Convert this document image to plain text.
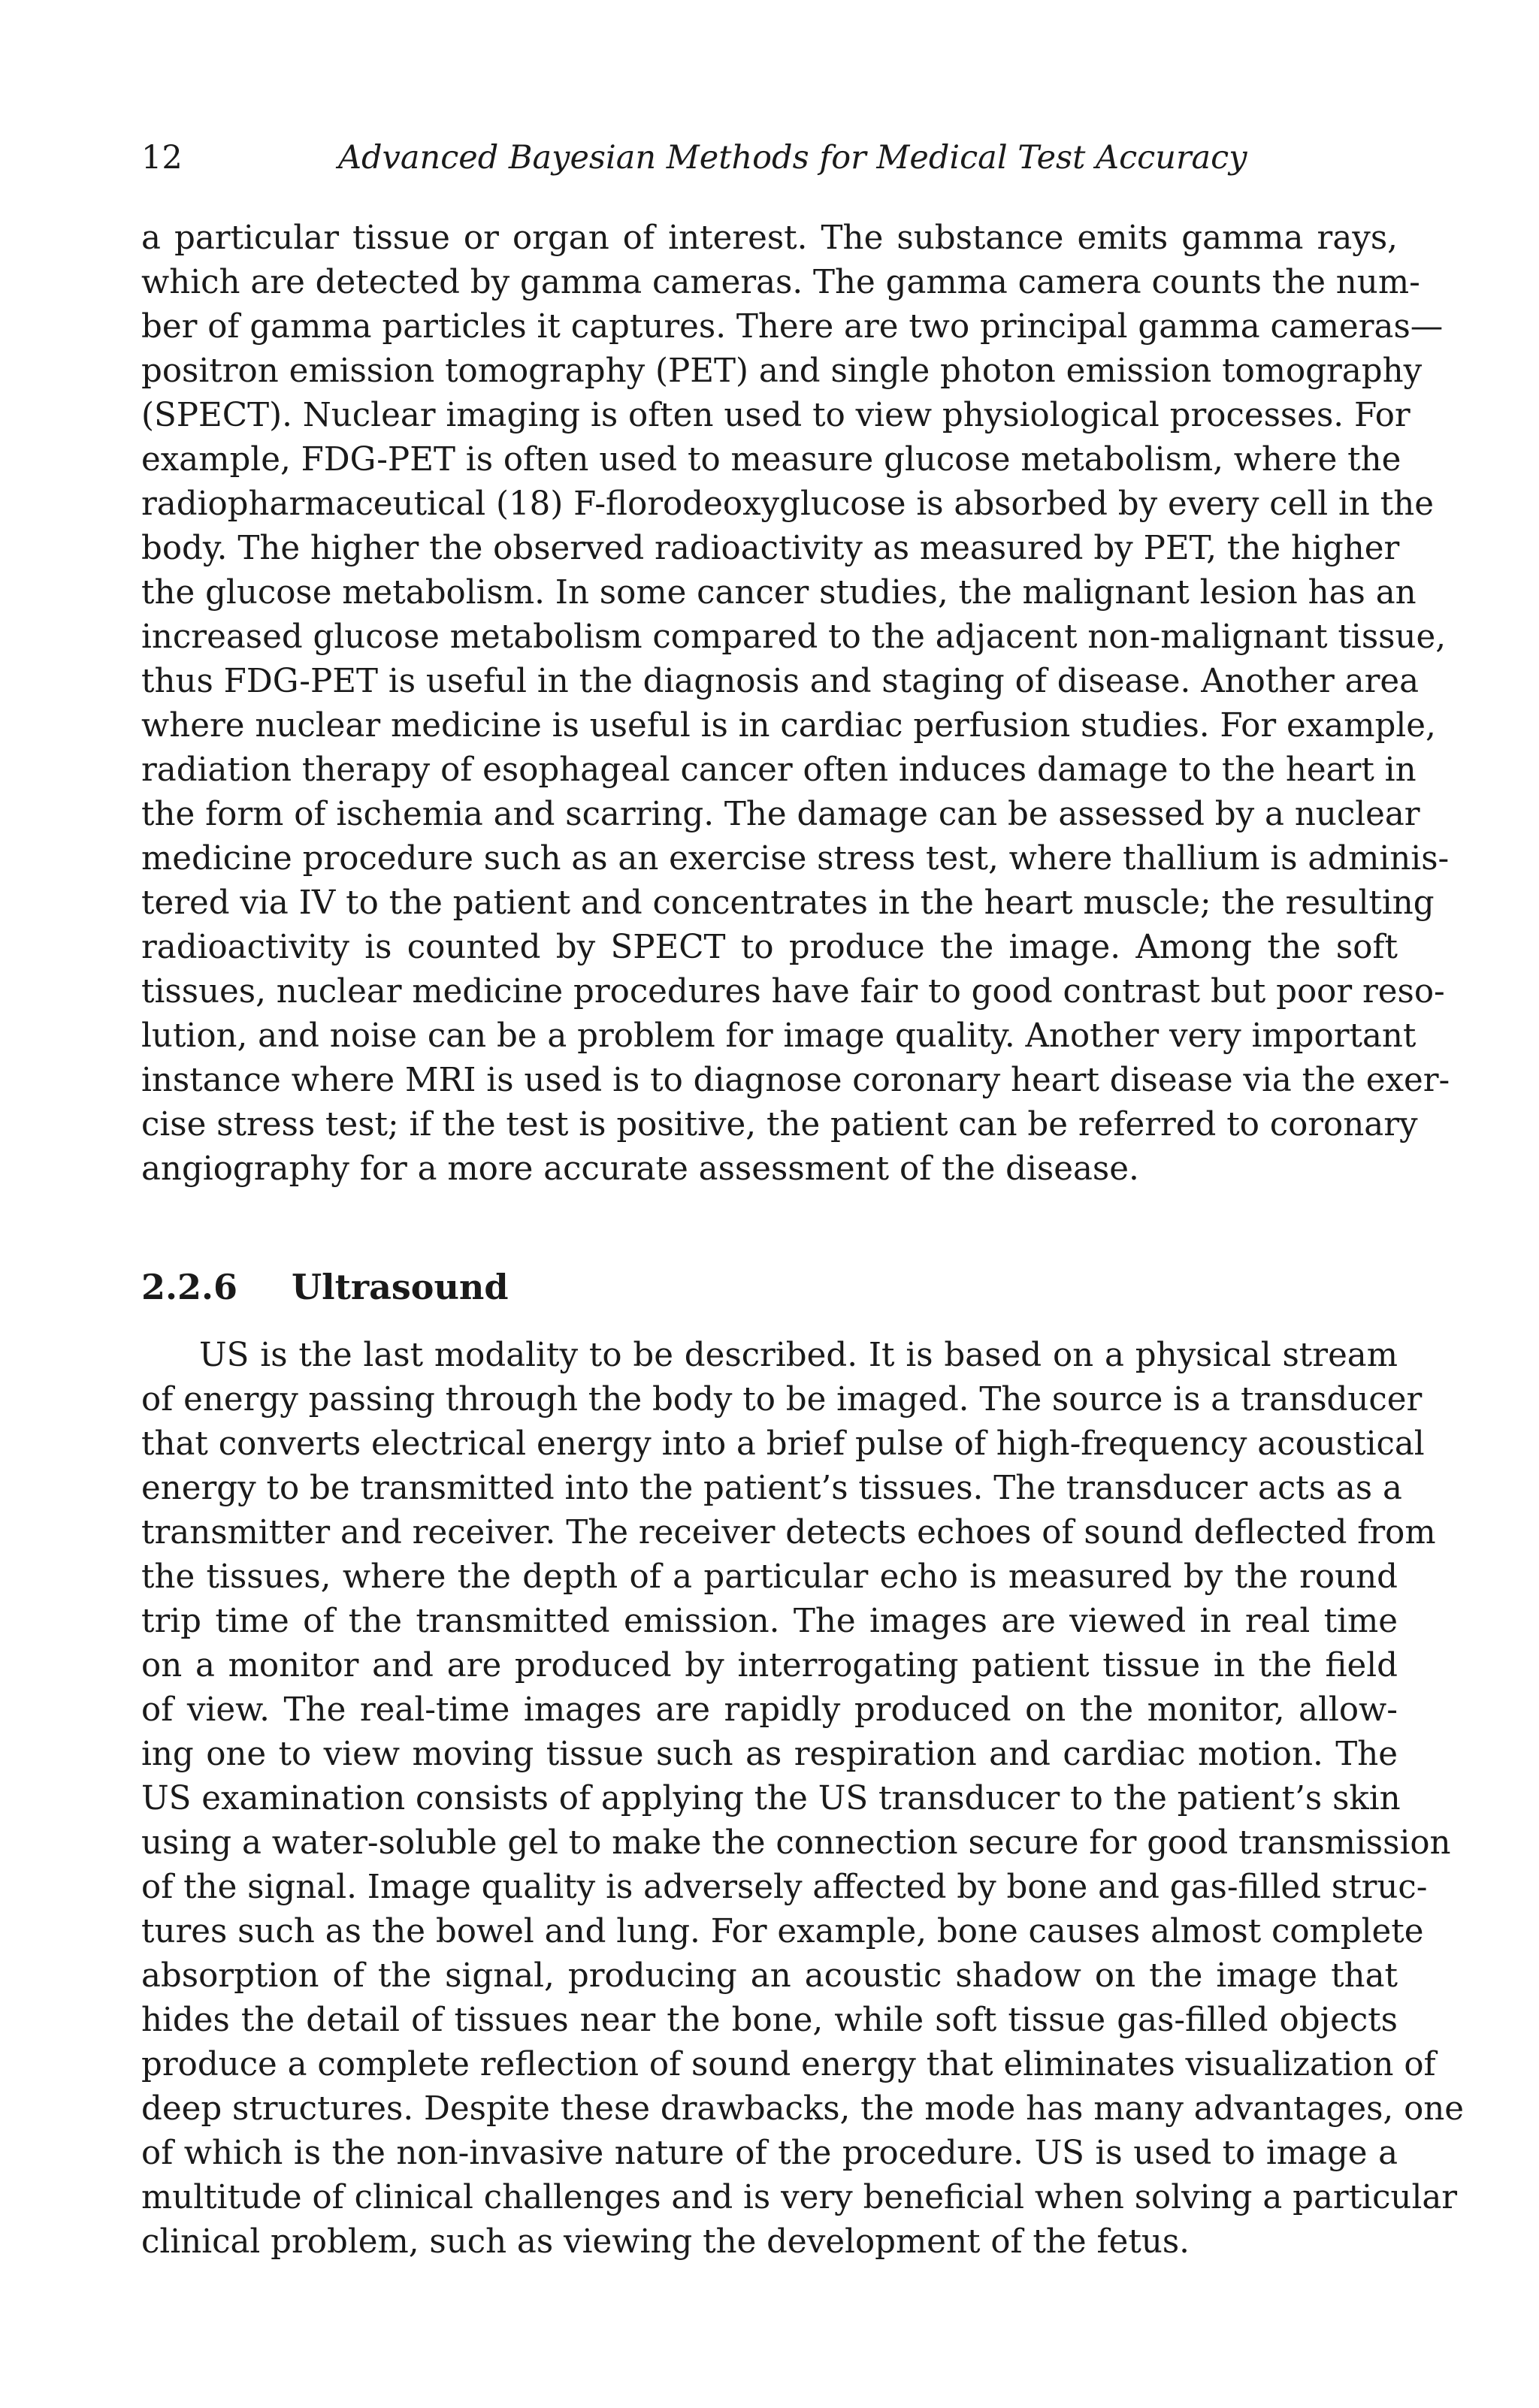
12	Advanced Bayesian Methods for Medical Test Accuracy
a particular tissue or organ of interest. The substance emits gamma rays,
which are detected by gamma cameras. The gamma camera counts the num-
ber of gamma particles it captures. There are two principal gamma cameras—
positron emission tomography (PET) and single photon emission tomography
(SPECT). Nuclear imaging is often used to view physiological processes. For
example, FDG-PET is often used to measure glucose metabolism, where the
radiopharmaceutical (18) F-florodeoxyglucose is absorbed by every cell in the
body. The higher the observed radioactivity as measured by PET, the higher
the glucose metabolism. In some cancer studies, the malignant lesion has an
increased glucose metabolism compared to the adjacent non-malignant tissue,
thus FDG-PET is useful in the diagnosis and staging of disease. Another area
where nuclear medicine is useful is in cardiac perfusion studies. For example,
radiation therapy of esophageal cancer often induces damage to the heart in
the form of ischemia and scarring. The damage can be assessed by a nuclear
medicine procedure such as an exercise stress test, where thallium is adminis-
tered via IV to the patient and concentrates in the heart muscle; the resulting
radioactivity is counted by SPECT to produce the image. Among the soft
tissues, nuclear medicine procedures have fair to good contrast but poor reso-
lution, and noise can be a problem for image quality. Another very important
instance where MRI is used is to diagnose coronary heart disease via the exer-
cise stress test; if the test is positive, the patient can be referred to coronary
angiography for a more accurate assessment of the disease.
2.2.6 Ultrasound
US is the last modality to be described. It is based on a physical stream
of energy passing through the body to be imaged. The source is a transducer
that converts electrical energy into a brief pulse of high-frequency acoustical
energy to be transmitted into the patient’s tissues. The transducer acts as a
transmitter and receiver. The receiver detects echoes of sound deflected from
the tissues, where the depth of a particular echo is measured by the round
trip time of the transmitted emission. The images are viewed in real time
on a monitor and are produced by interrogating patient tissue in the field
of view. The real-time images are rapidly produced on the monitor, allow-
ing one to view moving tissue such as respiration and cardiac motion. The
US examination consists of applying the US transducer to the patient’s skin
using a water-soluble gel to make the connection secure for good transmission
of the signal. Image quality is adversely affected by bone and gas-filled struc-
tures such as the bowel and lung. For example, bone causes almost complete
absorption of the signal, producing an acoustic shadow on the image that
hides the detail of tissues near the bone, while soft tissue gas-filled objects
produce a complete reflection of sound energy that eliminates visualization of
deep structures. Despite these drawbacks, the mode has many advantages, one
of which is the non-invasive nature of the procedure. US is used to image a
multitude of clinical challenges and is very beneficial when solving a particular
clinical problem, such as viewing the development of the fetus.
